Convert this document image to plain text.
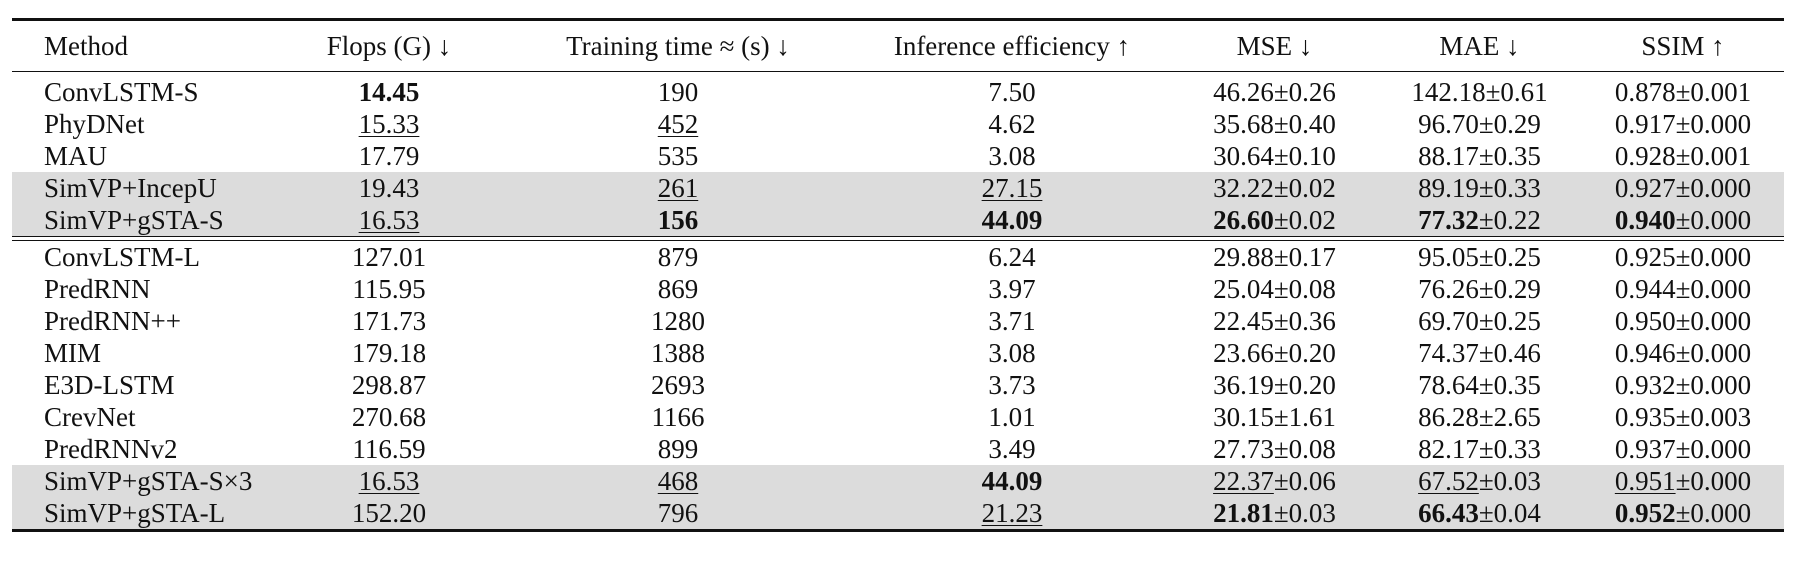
Method	Flops (G) ↓	Training time ≈ (s) ↓	Inference efficiency ↑	MSE ↓	MAE ↓	SSIM ↑

ConvLSTM-S	14.45	190	7.50	46.26±0.26	142.18±0.61	0.878±0.001
PhyDNet	15.33	452	4.62	35.68±0.40	96.70±0.29	0.917±0.000
MAU	17.79	535	3.08	30.64±0.10	88.17±0.35	0.928±0.001
SimVP+IncepU	19.43	261	27.15	32.22±0.02	89.19±0.33	0.927±0.000
SimVP+gSTA-S	16.53	156	44.09	26.60±0.02	77.32±0.22	0.940±0.000

ConvLSTM-L	127.01	879	6.24	29.88±0.17	95.05±0.25	0.925±0.000
PredRNN	115.95	869	3.97	25.04±0.08	76.26±0.29	0.944±0.000
PredRNN++	171.73	1280	3.71	22.45±0.36	69.70±0.25	0.950±0.000
MIM	179.18	1388	3.08	23.66±0.20	74.37±0.46	0.946±0.000
E3D-LSTM	298.87	2693	3.73	36.19±0.20	78.64±0.35	0.932±0.000
CrevNet	270.68	1166	1.01	30.15±1.61	86.28±2.65	0.935±0.003
PredRNNv2	116.59	899	3.49	27.73±0.08	82.17±0.33	0.937±0.000
SimVP+gSTA-S×3	16.53	468	44.09	22.37±0.06	67.52±0.03	0.951±0.000
SimVP+gSTA-L	152.20	796	21.23	21.81±0.03	66.43±0.04	0.952±0.000
